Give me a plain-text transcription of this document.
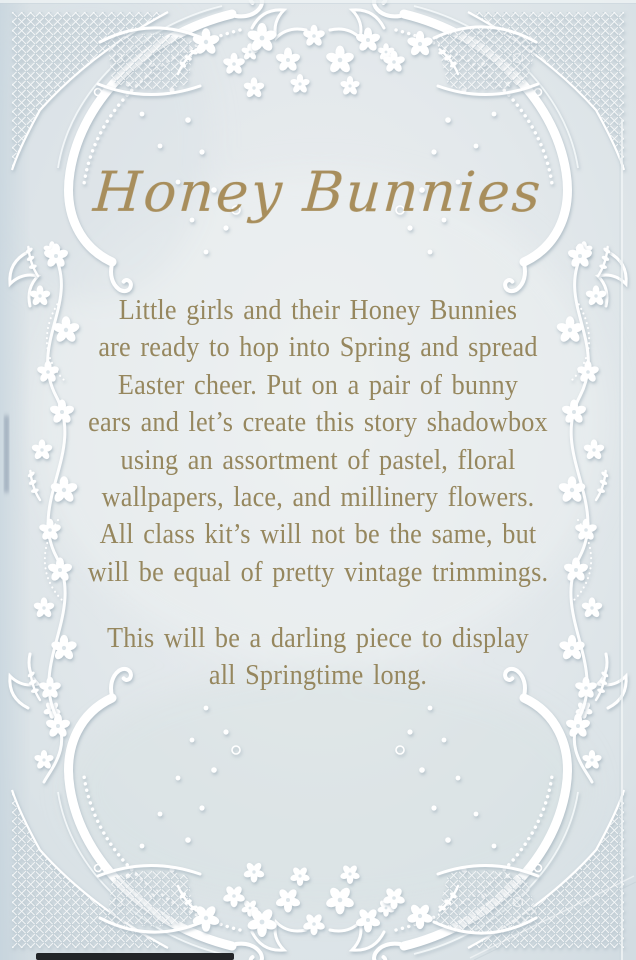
Honey Bunnies
Little girls and their Honey Bunnies
are ready to hop into Spring and spread
Easter cheer. Put on a pair of bunny
ears and let’s create this story shadowbox
using an assortment of pastel, floral
wallpapers, lace, and millinery flowers.
All class kit’s will not be the same, but
will be equal of pretty vintage trimmings.
This will be a darling piece to display
all Springtime long.
